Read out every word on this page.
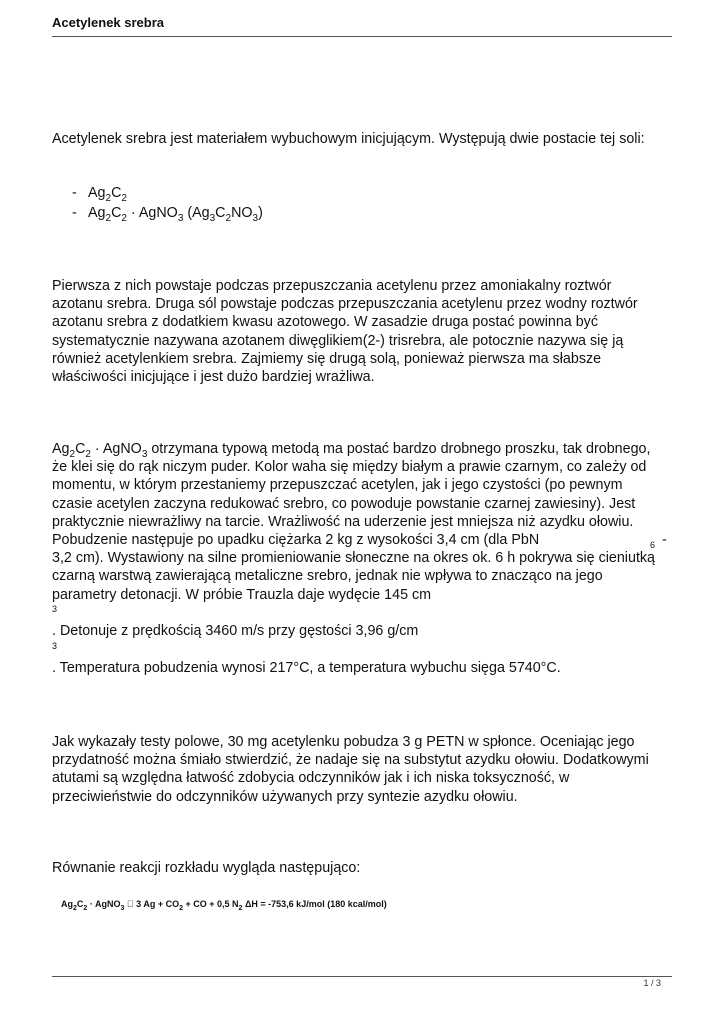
Acetylenek srebra
Acetylenek srebra jest materiałem wybuchowym inicjującym. Występują dwie postacie tej soli:
- $Ag_2C_2$
- $Ag_2C_2$ · AgNO$_3$ $(Ag_3C_2NO_3)$
Pierwsza z nich powstaje podczas przepuszczania acetylenu przez amoniakalny roztwór
azotanu srebra. Druga sól powstaje podczas przepuszczania acetylenu przez wodny roztwór
azotanu srebra z dodatkiem kwasu azotowego. W zasadzie druga postać powinna być
systematycznie nazywana azotanem diwęglikiem(2-) trisrebra, ale potocznie nazywa się ją
również acetylenkiem srebra. Zajmiemy się drugą solą, ponieważ pierwsza ma słabsze
właściwości inicjujące i jest dużo bardziej wrażliwa.
$Ag_2C_2$ · AgNO$_3$ otrzymana typową metodą ma postać bardzo drobnego proszku, tak drobnego,
że klei się do rąk niczym puder. Kolor waha się między białym a prawie czarnym, co zależy od
momentu, w którym przestaniemy przepuszczać acetylen, jak i jego czystości (po pewnym
czasie acetylen zaczyna redukować srebro, co powoduje powstanie czarnej zawiesiny). Jest
praktycznie niewrażliwy na tarcie. Wrażliwość na uderzenie jest mniejsza niż azydku ołowiu.
Pobudzenie następuje po upadku ciężarka 2 kg z wysokości 3,4 cm (dla PbN	6 -
3,2 cm). Wystawiony na silne promieniowanie słoneczne na okres ok. 6 h pokrywa się cieniutką
czarną warstwą zawierającą metaliczne srebro, jednak nie wpływa to znacząco na jego
parametry detonacji. W próbie Trauzla daje wydęcie 145 cm
3
. Detonuje z prędkością 3460 m/s przy gęstości 3,96 g/cm
3
. Temperatura pobudzenia wynosi 217°C, a temperatura wybuchu sięga 5740°C.
Jak wykazały testy polowe, 30 mg acetylenku pobudza 3 g PETN w spłonce. Oceniając jego
przydatność można śmiało stwierdzić, że nadaje się na substytut azydku ołowiu. Dodatkowymi
atutami są względna łatwość zdobycia odczynników jak i ich niska toksyczność, w
przeciwieństwie do odczynników używanych przy syntezie azydku ołowiu.
Równanie reakcji rozkładu wygląda następująco:
$Ag_2C_2$ · AgNO$_3$   3 $Ag + CO_2$ + CO + 0,5 $N_2$ ΔH = -753,6 kJ/mol (180 kcal/mol)
1 / 3
